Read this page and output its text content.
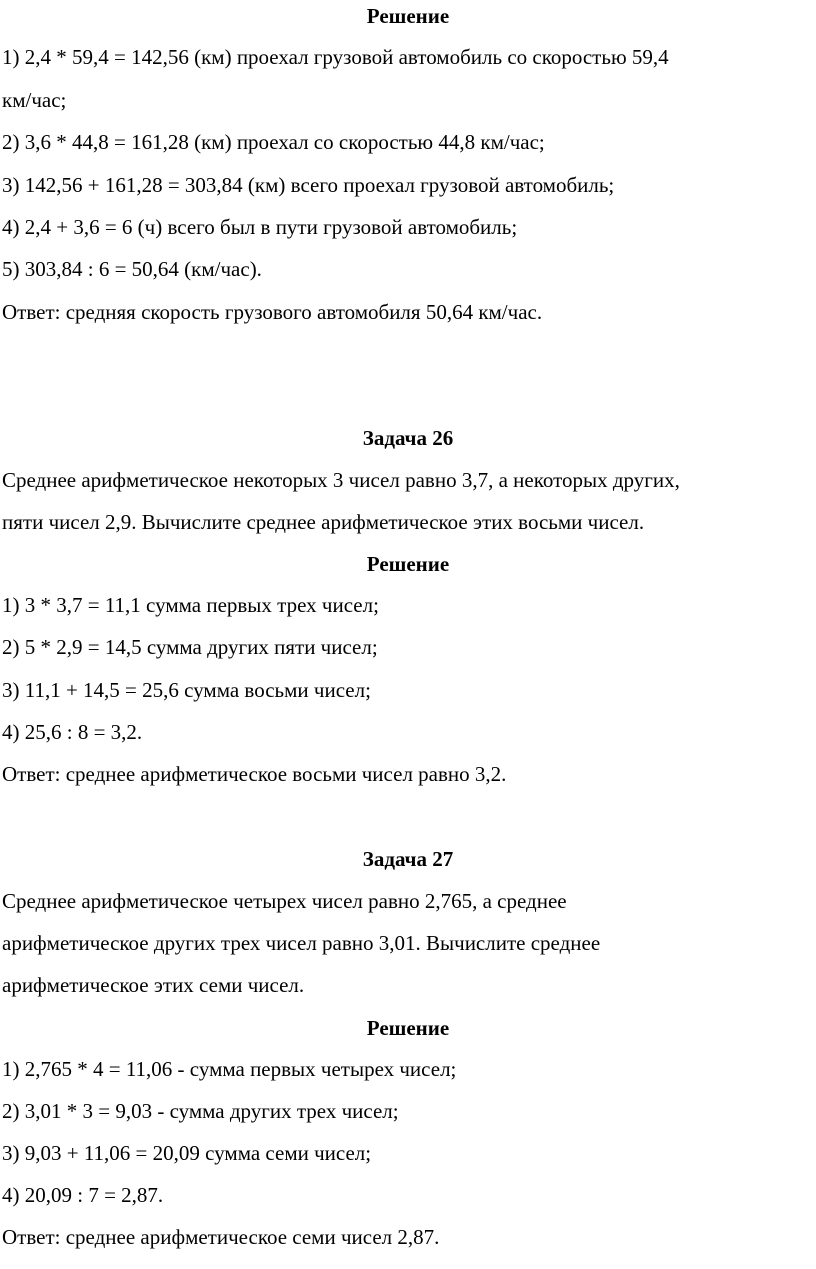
Решение
1) 2,4 * 59,4 = 142,56 (км) проехал грузовой автомобиль со скоростью 59,4
км/час;
2) 3,6 * 44,8 = 161,28 (км) проехал со скоростью 44,8 км/час;
3) 142,56 + 161,28 = 303,84 (км) всего проехал грузовой автомобиль;
4) 2,4 + 3,6 = 6 (ч) всего был в пути грузовой автомобиль;
5) 303,84 : 6 = 50,64 (км/час).
Ответ: средняя скорость грузового автомобиля 50,64 км/час.
Задача 26
Среднее арифметическое некоторых 3 чисел равно 3,7, а некоторых других,
пяти чисел 2,9. Вычислите среднее арифметическое этих восьми чисел.
Решение
1) 3 * 3,7 = 11,1 сумма первых трех чисел;
2) 5 * 2,9 = 14,5 сумма других пяти чисел;
3) 11,1 + 14,5 = 25,6 сумма восьми чисел;
4) 25,6 : 8 = 3,2.
Ответ: среднее арифметическое восьми чисел равно 3,2.
Задача 27
Среднее арифметическое четырех чисел равно 2,765, а среднее
арифметическое других трех чисел равно 3,01. Вычислите среднее
арифметическое этих семи чисел.
Решение
1) 2,765 * 4 = 11,06 - сумма первых четырех чисел;
2) 3,01 * 3 = 9,03 - сумма других трех чисел;
3) 9,03 + 11,06 = 20,09 сумма семи чисел;
4) 20,09 : 7 = 2,87.
Ответ: среднее арифметическое семи чисел 2,87.
